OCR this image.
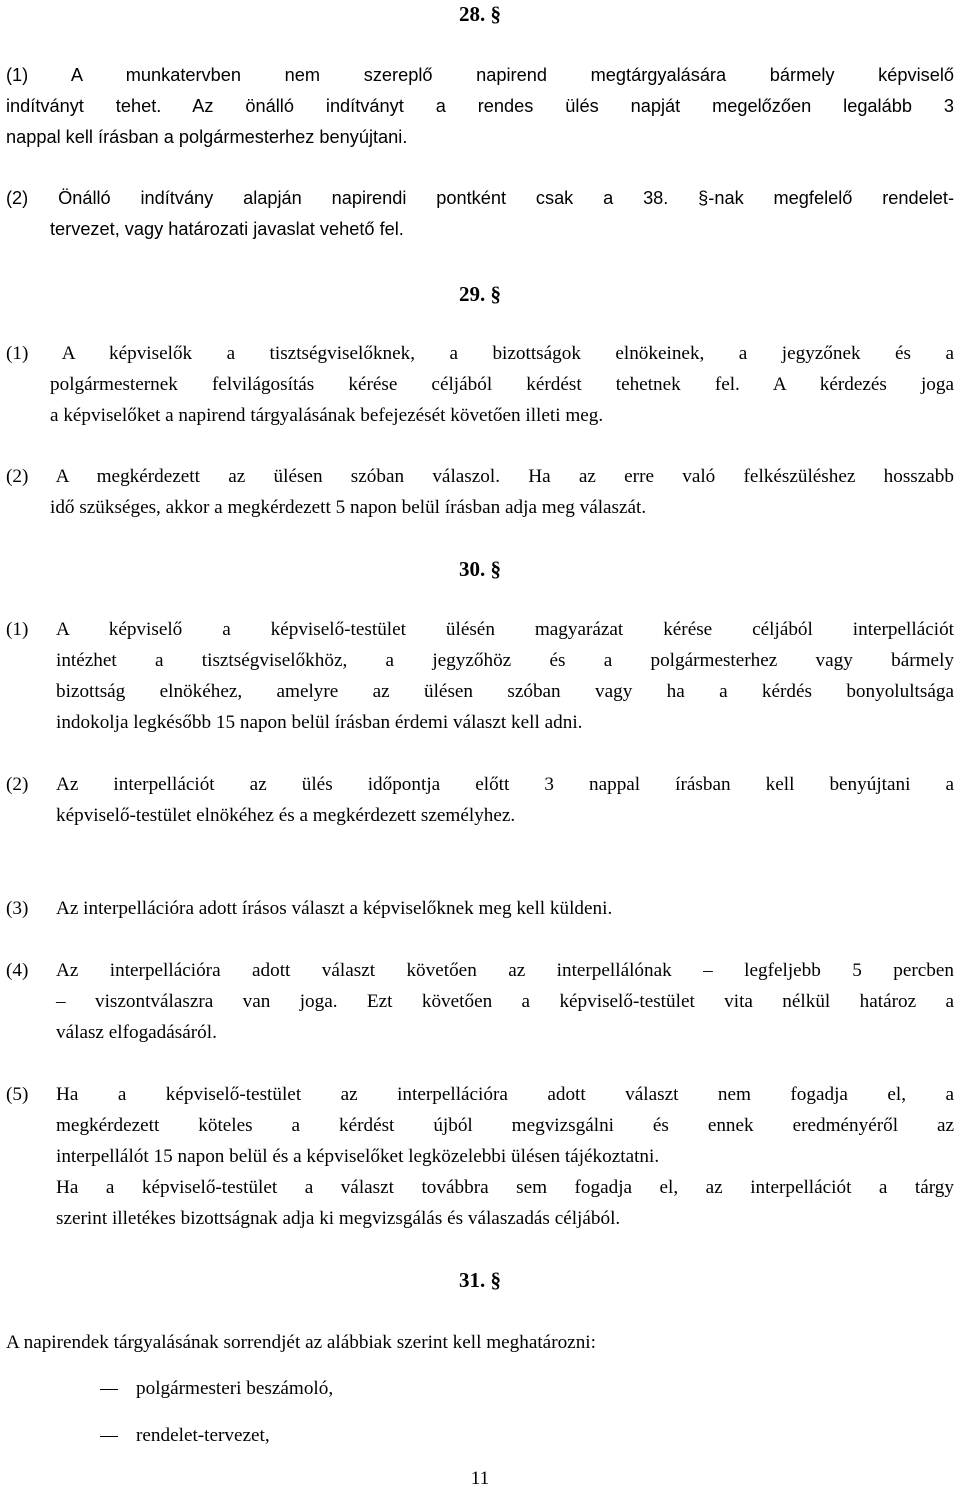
28. §
(1) A munkatervben nem szereplő napirend megtárgyalására bármely képviselő
indítványt tehet. Az önálló indítványt a rendes ülés napját megelőzően legalább 3
nappal kell írásban a polgármesterhez benyújtani.
(2) Önálló indítvány alapján napirendi pontként csak a 38. §-nak megfelelő rendelet-
tervezet, vagy határozati javaslat vehető fel.
29. §
(1) A képviselők a tisztségviselőknek, a bizottságok elnökeinek, a jegyzőnek és a
polgármesternek felvilágosítás kérése céljából kérdést tehetnek fel. A kérdezés joga
a képviselőket a napirend tárgyalásának befejezését követően illeti meg.
(2) A megkérdezett az ülésen szóban válaszol. Ha az erre való felkészüléshez hosszabb
idő szükséges, akkor a megkérdezett 5 napon belül írásban adja meg válaszát.
30. §
(1) A képviselő a képviselő-testület ülésén magyarázat kérése céljából interpellációt
intézhet a tisztségviselőkhöz, a jegyzőhöz és a polgármesterhez vagy bármely
bizottság elnökéhez, amelyre az ülésen szóban vagy ha a kérdés bonyolultsága
indokolja legkésőbb 15 napon belül írásban érdemi választ kell adni.
(2) Az interpellációt az ülés időpontja előtt 3 nappal írásban kell benyújtani a
képviselő-testület elnökéhez és a megkérdezett személyhez.
(3) Az interpellációra adott írásos választ a képviselőknek meg kell küldeni.
(4) Az interpellációra adott választ követően az interpellálónak – legfeljebb 5 percben
– viszontválaszra van joga. Ezt követően a képviselő-testület vita nélkül határoz a
válasz elfogadásáról.
(5) Ha a képviselő-testület az interpellációra adott választ nem fogadja el, a
megkérdezett köteles a kérdést újból megvizsgálni és ennek eredményéről az
interpellálót 15 napon belül és a képviselőket legközelebbi ülésen tájékoztatni.
Ha a képviselő-testület a választ továbbra sem fogadja el, az interpellációt a tárgy
szerint illetékes bizottságnak adja ki megvizsgálás és válaszadás céljából.
31. §
A napirendek tárgyalásának sorrendjét az alábbiak szerint kell meghatározni:
polgármesteri beszámoló,
rendelet-tervezet,
11
